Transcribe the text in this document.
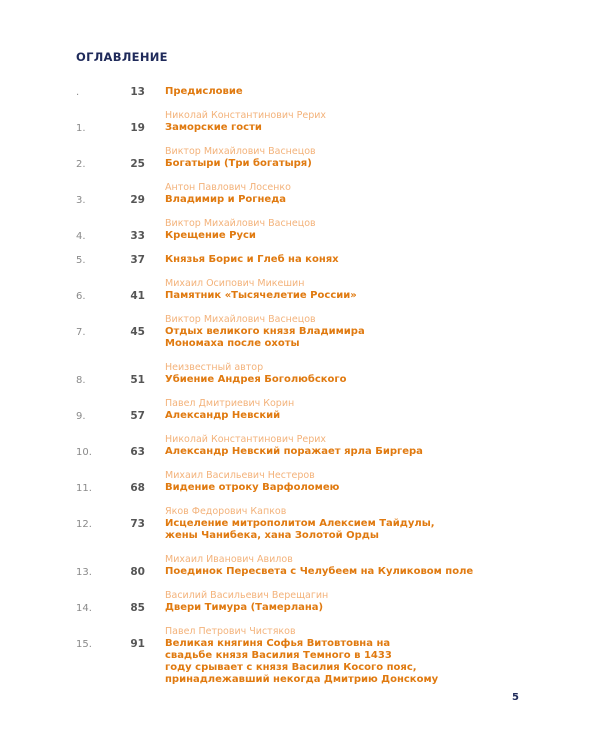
ОГЛАВЛЕНИЕ
.	13 Предисловие
1.	19
Николай Константинович Рерих
Заморские гости
2.	25
Виктор Михайлович Васнецов
Богатыри (Три богатыря)
3.	29
Антон Павлович Лосенко
Владимир и Рогнеда
4.	33
Виктор Михайлович Васнецов
Крещение Руси
5.	37 Князья Борис и Глеб на конях
6.	41
Михаил Осипович Микешин
Памятник «Тысячелетие России»
7.	45
Виктор Михайлович Васнецов
Отдых великого князя Владимира
Мономаха после охоты
8.	51
Неизвестный автор
Убиение Андрея Боголюбского
9.	57
Павел Дмитриевич Корин
Александр Невский
10.	63
Николай Константинович Рерих
Александр Невский поражает ярла Биргера
11.	68
Михаил Васильевич Нестеров
Видение отроку Варфоломею
12.	73
Яков Федорович Капков
Исцеление митрополитом Алексием Тайдулы,
жены Чанибека, хана Золотой Орды
13.	80
Михаил Иванович Авилов
Поединок Пересвета с Челубеем на Куликовом поле
14.	85
Василий Васильевич Верещагин
Двери Тимура (Тамерлана)
15.	91
Павел Петрович Чистяков
Великая княгиня Софья Витовтовна на
свадьбе князя Василия Темного в 1433
году срывает с князя Василия Косого пояс,
принадлежавший некогда Дмитрию Донскому
5
